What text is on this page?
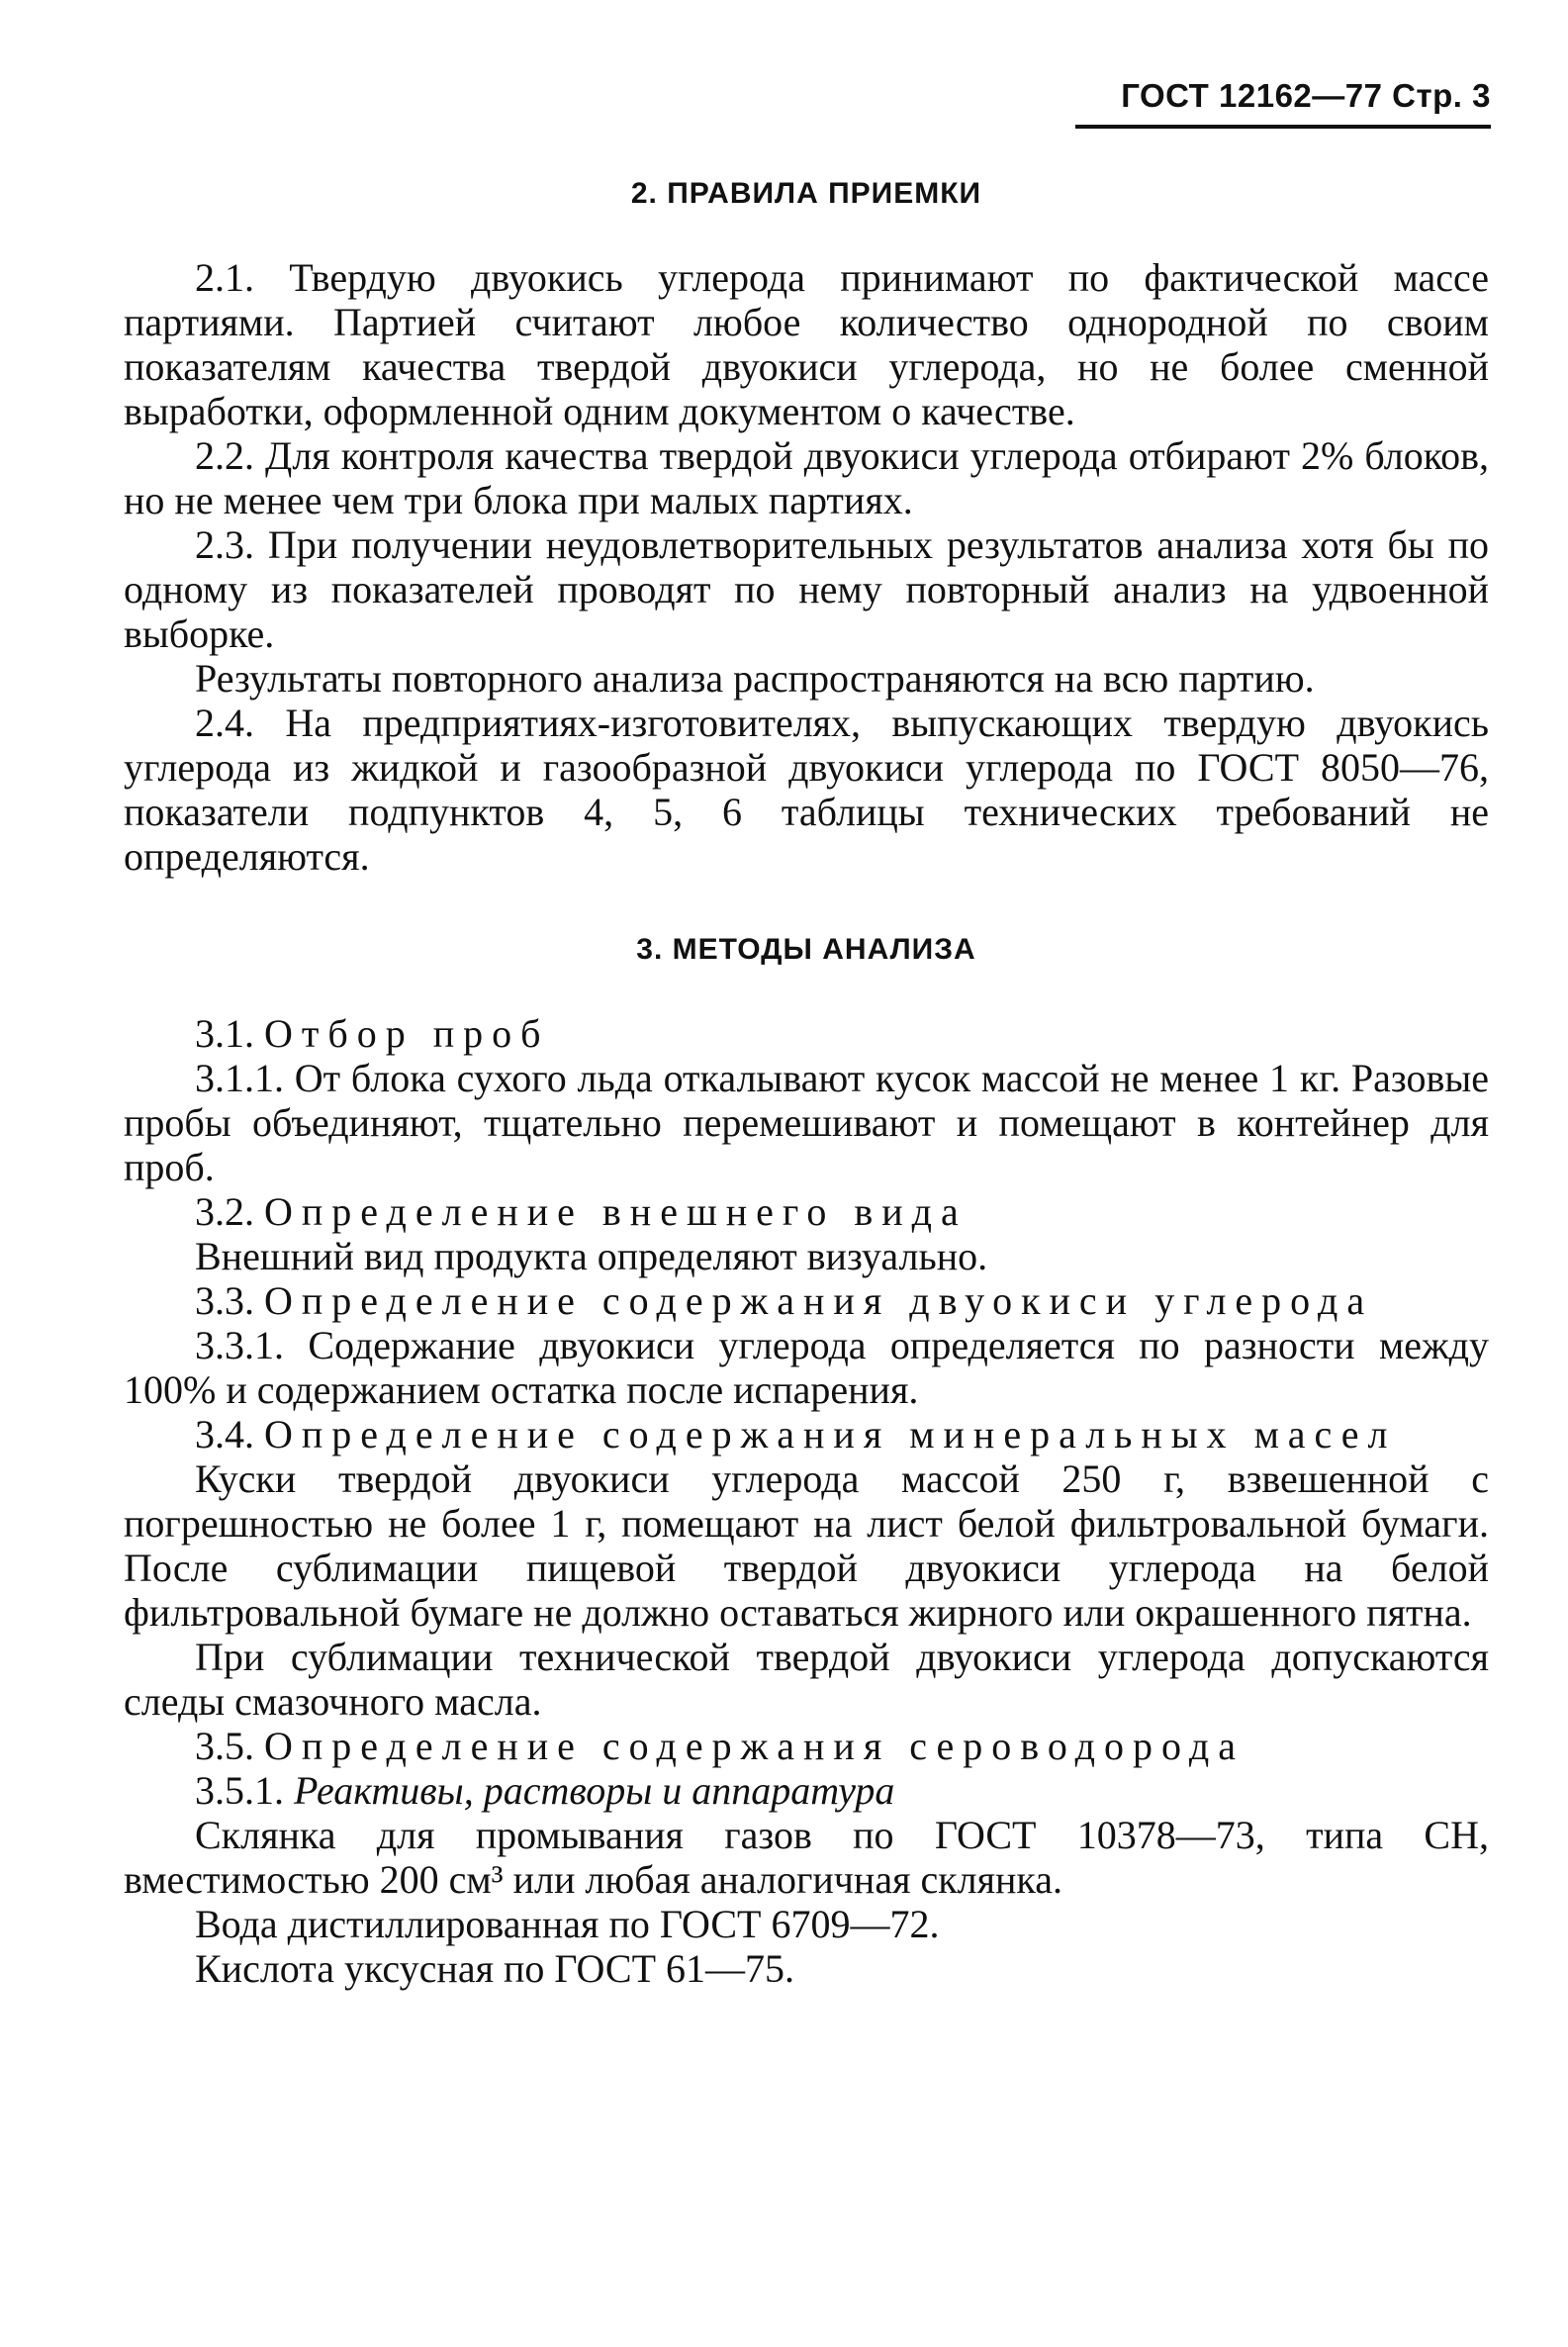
ГОСТ 12162—77 Стр. 3
2. ПРАВИЛА ПРИЕМКИ

2.1. Твердую двуокись углерода принимают по фактической массе партиями. Партией считают любое количество однородной по своим показателям качества твердой двуокиси углерода, но не более сменной выработки, оформленной одним документом о качестве.

2.2. Для контроля качества твердой двуокиси углерода отбирают 2% блоков, но не менее чем три блока при малых партиях.

2.3. При получении неудовлетворительных результатов анализа хотя бы по одному из показателей проводят по нему повторный анализ на удвоенной выборке.

Результаты повторного анализа распространяются на всю партию.

2.4. На предприятиях-изготовителях, выпускающих твердую двуокись углерода из жидкой и газообразной двуокиси углерода по ГОСТ 8050—76, показатели подпунктов 4, 5, 6 таблицы технических требований не определяются.

3. МЕТОДЫ АНАЛИЗА

3.1. Отбор проб

3.1.1. От блока сухого льда откалывают кусок массой не менее 1 кг. Разовые пробы объединяют, тщательно перемешивают и помещают в контейнер для проб.

3.2. Определение внешнего вида

Внешний вид продукта определяют визуально.

3.3. Определение содержания двуокиси углерода

3.3.1. Содержание двуокиси углерода определяется по разности между 100% и содержанием остатка после испарения.

3.4. Определение содержания минеральных масел

Куски твердой двуокиси углерода массой 250 г, взвешенной с погрешностью не более 1 г, помещают на лист белой фильтровальной бумаги. После сублимации пищевой твердой двуокиси углерода на белой фильтровальной бумаге не должно оставаться жирного или окрашенного пятна.

При сублимации технической твердой двуокиси углерода допускаются следы смазочного масла.

3.5. Определение содержания сероводорода

3.5.1. Реактивы, растворы и аппаратура

Склянка для промывания газов по ГОСТ 10378—73, типа СН, вместимостью 200 см³ или любая аналогичная склянка.

Вода дистиллированная по ГОСТ 6709—72.

Кислота уксусная по ГОСТ 61—75.
